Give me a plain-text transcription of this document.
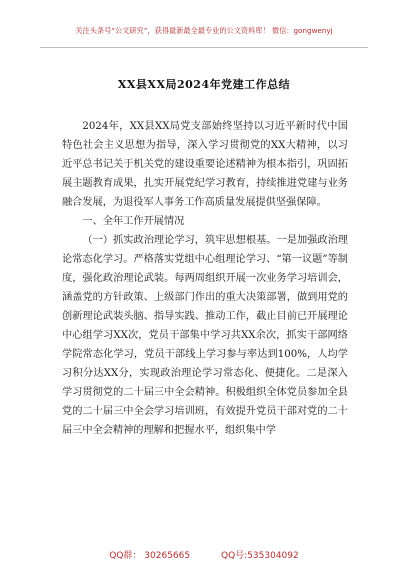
关注头条号“公文研究”，获得最新最全最专业的公文资料库！ 微信：gongwenyj
XX县XX局2024年党建工作总结

2024年，XX县XX局党支部始终坚持以习近平新时代中国特色社会主义思想为指导，深入学习贯彻党的XX大精神，以习近平总书记关于机关党的建设重要论述精神为根本指引，巩固拓展主题教育成果，扎实开展党纪学习教育，持续推进党建与业务融合发展，为退役军人事务工作高质量发展提供坚强保障。

一、全年工作开展情况

（一）抓实政治理论学习，筑牢思想根基。一是加强政治理论常态化学习。严格落实党组中心组理论学习、“第一议题”等制度，强化政治理论武装。每两周组织开展一次业务学习培训会，涵盖党的方针政策、上级部门作出的重大决策部署，做到用党的创新理论武装头脑、指导实践、推动工作，截止目前已开展理论中心组学习XX次，党员干部集中学习共XX余次，抓实干部网络学院常态化学习，党员干部线上学习参与率达到100%，人均学习积分达XX分，实现政治理论学习常态化、便捷化。二是深入学习贯彻党的二十届三中全会精神。积极组织全体党员参加全县党的二十届三中全会学习培训班，有效提升党员干部对党的二十届三中全会精神的理解和把握水平，组织集中学

QQ群： 30265665	QQ号:535304092
